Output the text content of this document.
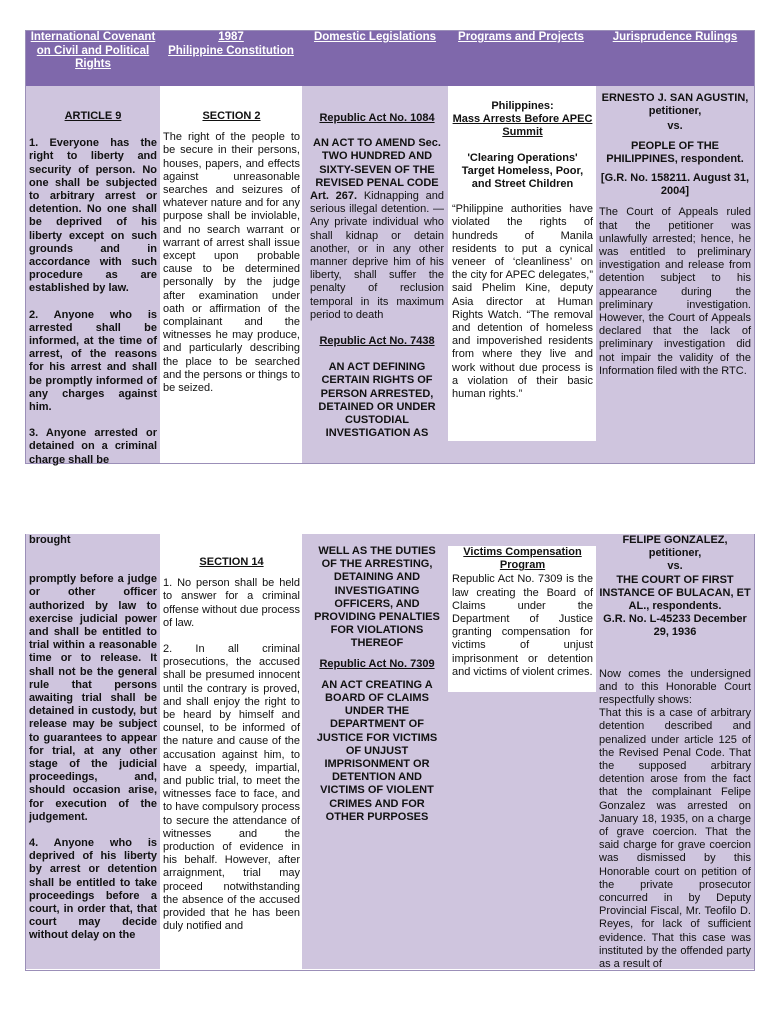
International Covenant on Civil and Political Rights
1987
Philippine Constitution
Domestic Legislations	Programs and Projects	Jurisprudence Rulings

ARTICLE 9

1. Everyone has the right to liberty and security of person. No one shall be subjected to arbitrary arrest or detention. No one shall be deprived of his liberty except on such grounds and in accordance with such procedure as are established by law.

2. Anyone who is arrested shall be informed, at the time of arrest, of the reasons for his arrest and shall be promptly informed of any charges against him.

3. Anyone arrested or detained on a criminal charge shall be

SECTION 2

The right of the people to be secure in their persons, houses, papers, and effects against unreasonable searches and seizures of whatever nature and for any purpose shall be inviolable, and no search warrant or warrant of arrest shall issue except upon probable cause to be determined personally by the judge after examination under oath or affirmation of the complainant and the witnesses he may produce, and particularly describing the place to be searched and the persons or things to be seized.

Republic Act No. 1084

AN ACT TO AMEND Sec. TWO HUNDRED AND SIXTY-SEVEN OF THE REVISED PENAL CODE

Art. 267. Kidnapping and serious illegal detention. — Any private individual who shall kidnap or detain another, or in any other manner deprive him of his liberty, shall suffer the penalty of reclusion temporal in its maximum period to death

Republic Act No. 7438

AN ACT DEFINING CERTAIN RIGHTS OF PERSON ARRESTED, DETAINED OR UNDER CUSTODIAL INVESTIGATION AS

Philippines:

Mass Arrests Before APEC Summit

'Clearing Operations' Target Homeless, Poor, and Street Children

“Philippine authorities have violated the rights of hundreds of Manila residents to put a cynical veneer of ‘cleanliness’ on the city for APEC delegates,” said Phelim Kine, deputy Asia director at Human Rights Watch. “The removal and detention of homeless and impoverished residents from where they live and work without due process is a violation of their basic human rights.”

ERNESTO J. SAN AGUSTIN, petitioner,

vs.

PEOPLE OF THE PHILIPPINES, respondent.

[G.R. No. 158211. August 31, 2004]

The Court of Appeals ruled that the petitioner was unlawfully arrested; hence, he was entitled to preliminary investigation and release from detention subject to his appearance during the preliminary investigation. However, the Court of Appeals declared that the lack of preliminary investigation did not impair the validity of the Information filed with the RTC.

brought

promptly before a judge or other officer authorized by law to exercise judicial power and shall be entitled to trial within a reasonable time or to release. It shall not be the general rule that persons awaiting trial shall be detained in custody, but release may be subject to guarantees to appear for trial, at any other stage of the judicial proceedings, and, should occasion arise, for execution of the judgement.

4. Anyone who is deprived of his liberty by arrest or detention shall be entitled to take proceedings before a court, in order that, that court may decide without delay on the

SECTION 14

1. No person shall be held to answer for a criminal offense without due process of law.

2. In all criminal prosecutions, the accused shall be presumed innocent until the contrary is proved, and shall enjoy the right to be heard by himself and counsel, to be informed of the nature and cause of the accusation against him, to have a speedy, impartial, and public trial, to meet the witnesses face to face, and to have compulsory process to secure the attendance of witnesses and the production of evidence in his behalf. However, after arraignment, trial may proceed notwithstanding the absence of the accused provided that he has been duly notified and

WELL AS THE DUTIES OF THE ARRESTING, DETAINING AND INVESTIGATING OFFICERS, AND PROVIDING PENALTIES FOR VIOLATIONS THEREOF

Republic Act No. 7309

AN ACT CREATING A BOARD OF CLAIMS UNDER THE DEPARTMENT OF JUSTICE FOR VICTIMS OF UNJUST IMPRISONMENT OR DETENTION AND VICTIMS OF VIOLENT CRIMES AND FOR OTHER PURPOSES

Victims Compensation Program

Republic Act No. 7309 is the law creating the Board of Claims under the Department of Justice granting compensation for victims of unjust imprisonment or detention and victims of violent crimes.

FELIPE GONZALEZ, petitioner,

vs.

THE COURT OF FIRST INSTANCE OF BULACAN, ET AL., respondents.

G.R. No. L-45233 December 29, 1936

Now comes the undersigned and to this Honorable Court respectfully shows:

That this is a case of arbitrary detention described and penalized under article 125 of the Revised Penal Code. That the supposed arbitrary detention arose from the fact that the complainant Felipe Gonzalez was arrested on January 18, 1935, on a charge of grave coercion. That the said charge for grave coercion was dismissed by this Honorable court on petition of the private prosecutor concurred in by Deputy Provincial Fiscal, Mr. Teofilo D. Reyes, for lack of sufficient evidence. That this case was instituted by the offended party as a result of
